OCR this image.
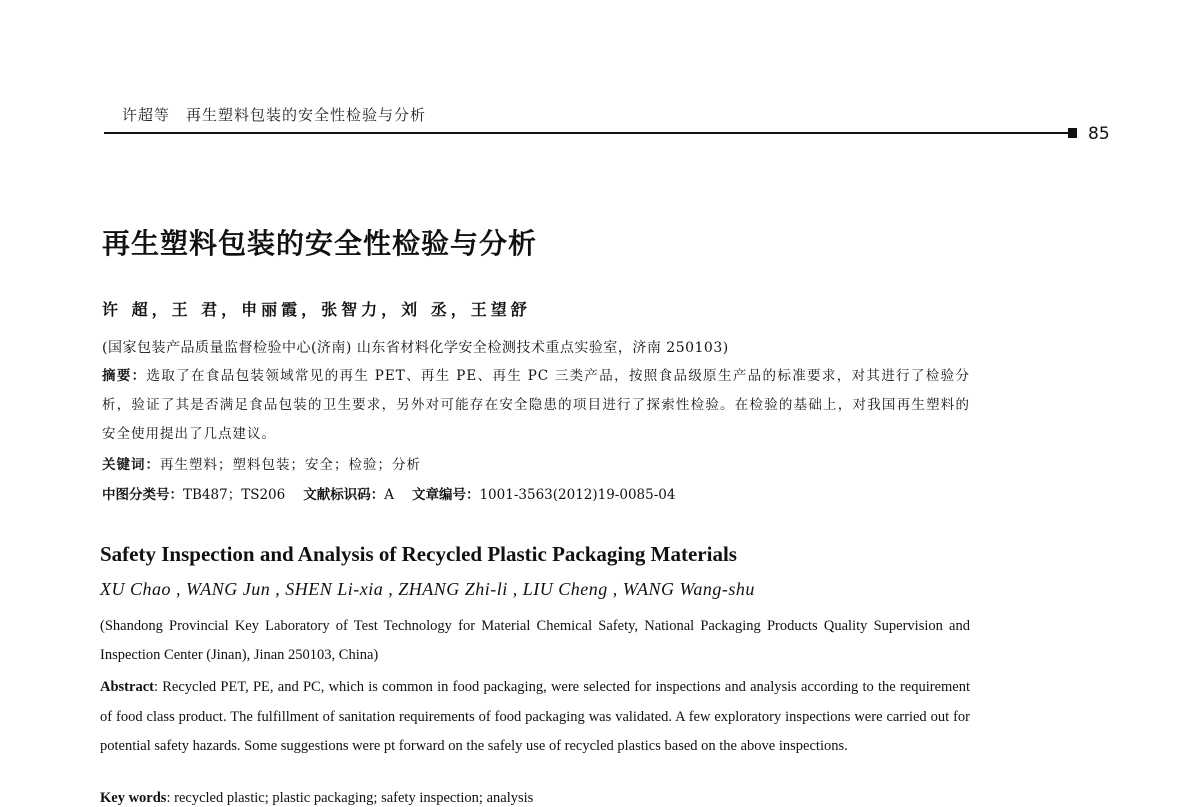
许超等 再生塑料包装的安全性检验与分析
85
再生塑料包装的安全性检验与分析
许 超，王 君，申丽霞，张智力，刘 丞，王望舒
(国家包装产品质量监督检验中心(济南) 山东省材料化学安全检测技术重点实验室，济南 250103)
摘要：选取了在食品包装领域常见的再生 PET、再生 PE、再生 PC 三类产品，按照食品级原生产品的标准要求，对其进行了检验分析，验证了其是否满足食品包装的卫生要求，另外对可能存在安全隐患的项目进行了探索性检验。在检验的基础上，对我国再生塑料的安全使用提出了几点建议。
关键词：再生塑料；塑料包装；安全；检验；分析
中图分类号：TB487；TS206 文献标识码：A 文章编号：1001-3563(2012)19-0085-04
Safety Inspection and Analysis of Recycled Plastic Packaging Materials
XU Chao , WANG Jun , SHEN Li-xia , ZHANG Zhi-li , LIU Cheng , WANG Wang-shu
(Shandong Provincial Key Laboratory of Test Technology for Material Chemical Safety, National Packaging Products Quality Supervision and Inspection Center (Jinan), Jinan 250103, China)
Abstract: Recycled PET, PE, and PC, which is common in food packaging, were selected for inspections and analysis according to the requirement of food class product. The fulfillment of sanitation requirements of food packaging was validated. A few exploratory inspections were carried out for potential safety hazards. Some suggestions were pt forward on the safely use of recycled plastics based on the above inspections.
Key words: recycled plastic; plastic packaging; safety inspection; analysis
